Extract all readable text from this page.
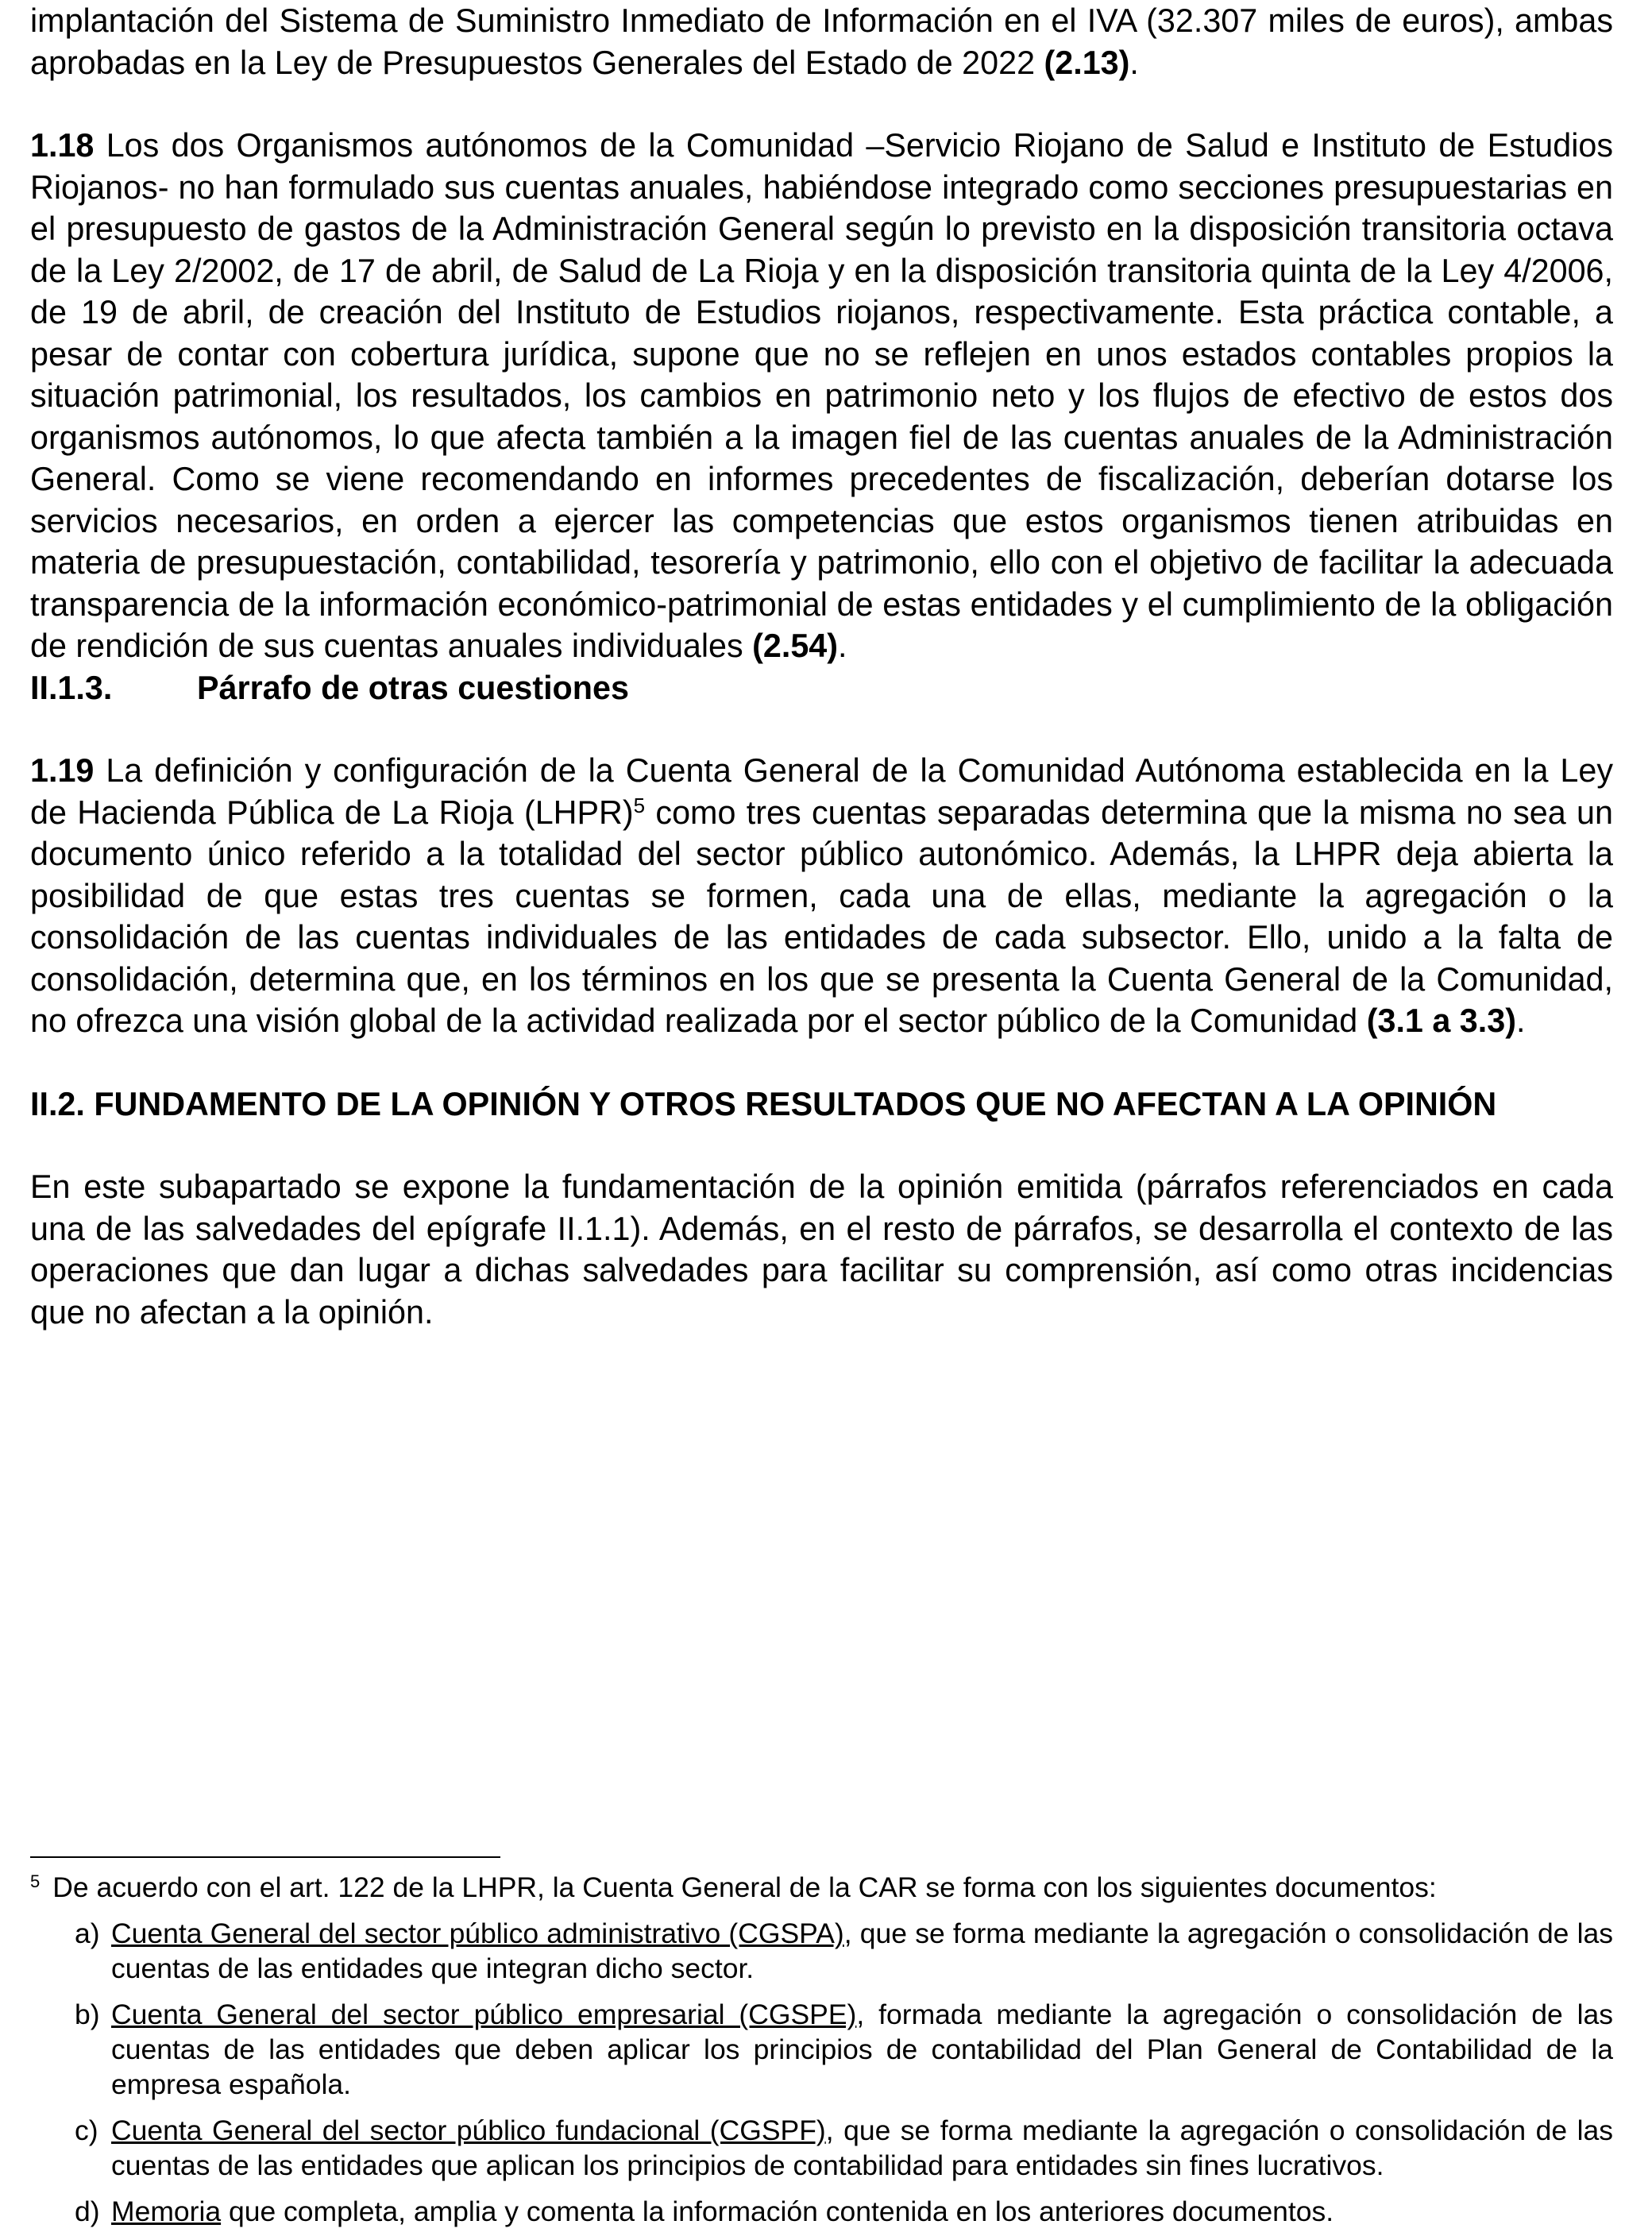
implantación del Sistema de Suministro Inmediato de Información en el IVA (32.307 miles de euros), ambas aprobadas en la Ley de Presupuestos Generales del Estado de 2022 (2.13).

1.18 Los dos Organismos autónomos de la Comunidad –Servicio Riojano de Salud e Instituto de Estudios Riojanos- no han formulado sus cuentas anuales, habiéndose integrado como secciones presupuestarias en el presupuesto de gastos de la Administración General según lo previsto en la disposición transitoria octava de la Ley 2/2002, de 17 de abril, de Salud de La Rioja y en la disposición transitoria quinta de la Ley 4/2006, de 19 de abril, de creación del Instituto de Estudios riojanos, respectivamente. Esta práctica contable, a pesar de contar con cobertura jurídica, supone que no se reflejen en unos estados contables propios la situación patrimonial, los resultados, los cambios en patrimonio neto y los flujos de efectivo de estos dos organismos autónomos, lo que afecta también a la imagen fiel de las cuentas anuales de la Administración General. Como se viene recomendando en informes precedentes de fiscalización, deberían dotarse los servicios necesarios, en orden a ejercer las competencias que estos organismos tienen atribuidas en materia de presupuestación, contabilidad, tesorería y patrimonio, ello con el objetivo de facilitar la adecuada transparencia de la información económico-patrimonial de estas entidades y el cumplimiento de la obligación de rendición de sus cuentas anuales individuales (2.54).

II.1.3.	Párrafo de otras cuestiones

1.19 La definición y configuración de la Cuenta General de la Comunidad Autónoma establecida en la Ley de Hacienda Pública de La Rioja (LHPR)$^5$ como tres cuentas separadas determina que la misma no sea un documento único referido a la totalidad del sector público autonómico. Además, la LHPR deja abierta la posibilidad de que estas tres cuentas se formen, cada una de ellas, mediante la agregación o la consolidación de las cuentas individuales de las entidades de cada subsector. Ello, unido a la falta de consolidación, determina que, en los términos en los que se presenta la Cuenta General de la Comunidad, no ofrezca una visión global de la actividad realizada por el sector público de la Comunidad (3.1 a 3.3).

II.2. FUNDAMENTO DE LA OPINIÓN Y OTROS RESULTADOS QUE NO AFECTAN A LA OPINIÓN

En este subapartado se expone la fundamentación de la opinión emitida (párrafos referenciados en cada una de las salvedades del epígrafe II.1.1). Además, en el resto de párrafos, se desarrolla el contexto de las operaciones que dan lugar a dichas salvedades para facilitar su comprensión, así como otras incidencias que no afectan a la opinión.

$^5$ De acuerdo con el art. 122 de la LHPR, la Cuenta General de la CAR se forma con los siguientes documentos:

a) Cuenta General del sector público administrativo (CGSPA), que se forma mediante la agregación o consolidación de las cuentas de las entidades que integran dicho sector.

b) Cuenta General del sector público empresarial (CGSPE), formada mediante la agregación o consolidación de las cuentas de las entidades que deben aplicar los principios de contabilidad del Plan General de Contabilidad de la empresa española.

c) Cuenta General del sector público fundacional (CGSPF), que se forma mediante la agregación o consolidación de las cuentas de las entidades que aplican los principios de contabilidad para entidades sin fines lucrativos.

d) Memoria que completa, amplia y comenta la información contenida en los anteriores documentos.
